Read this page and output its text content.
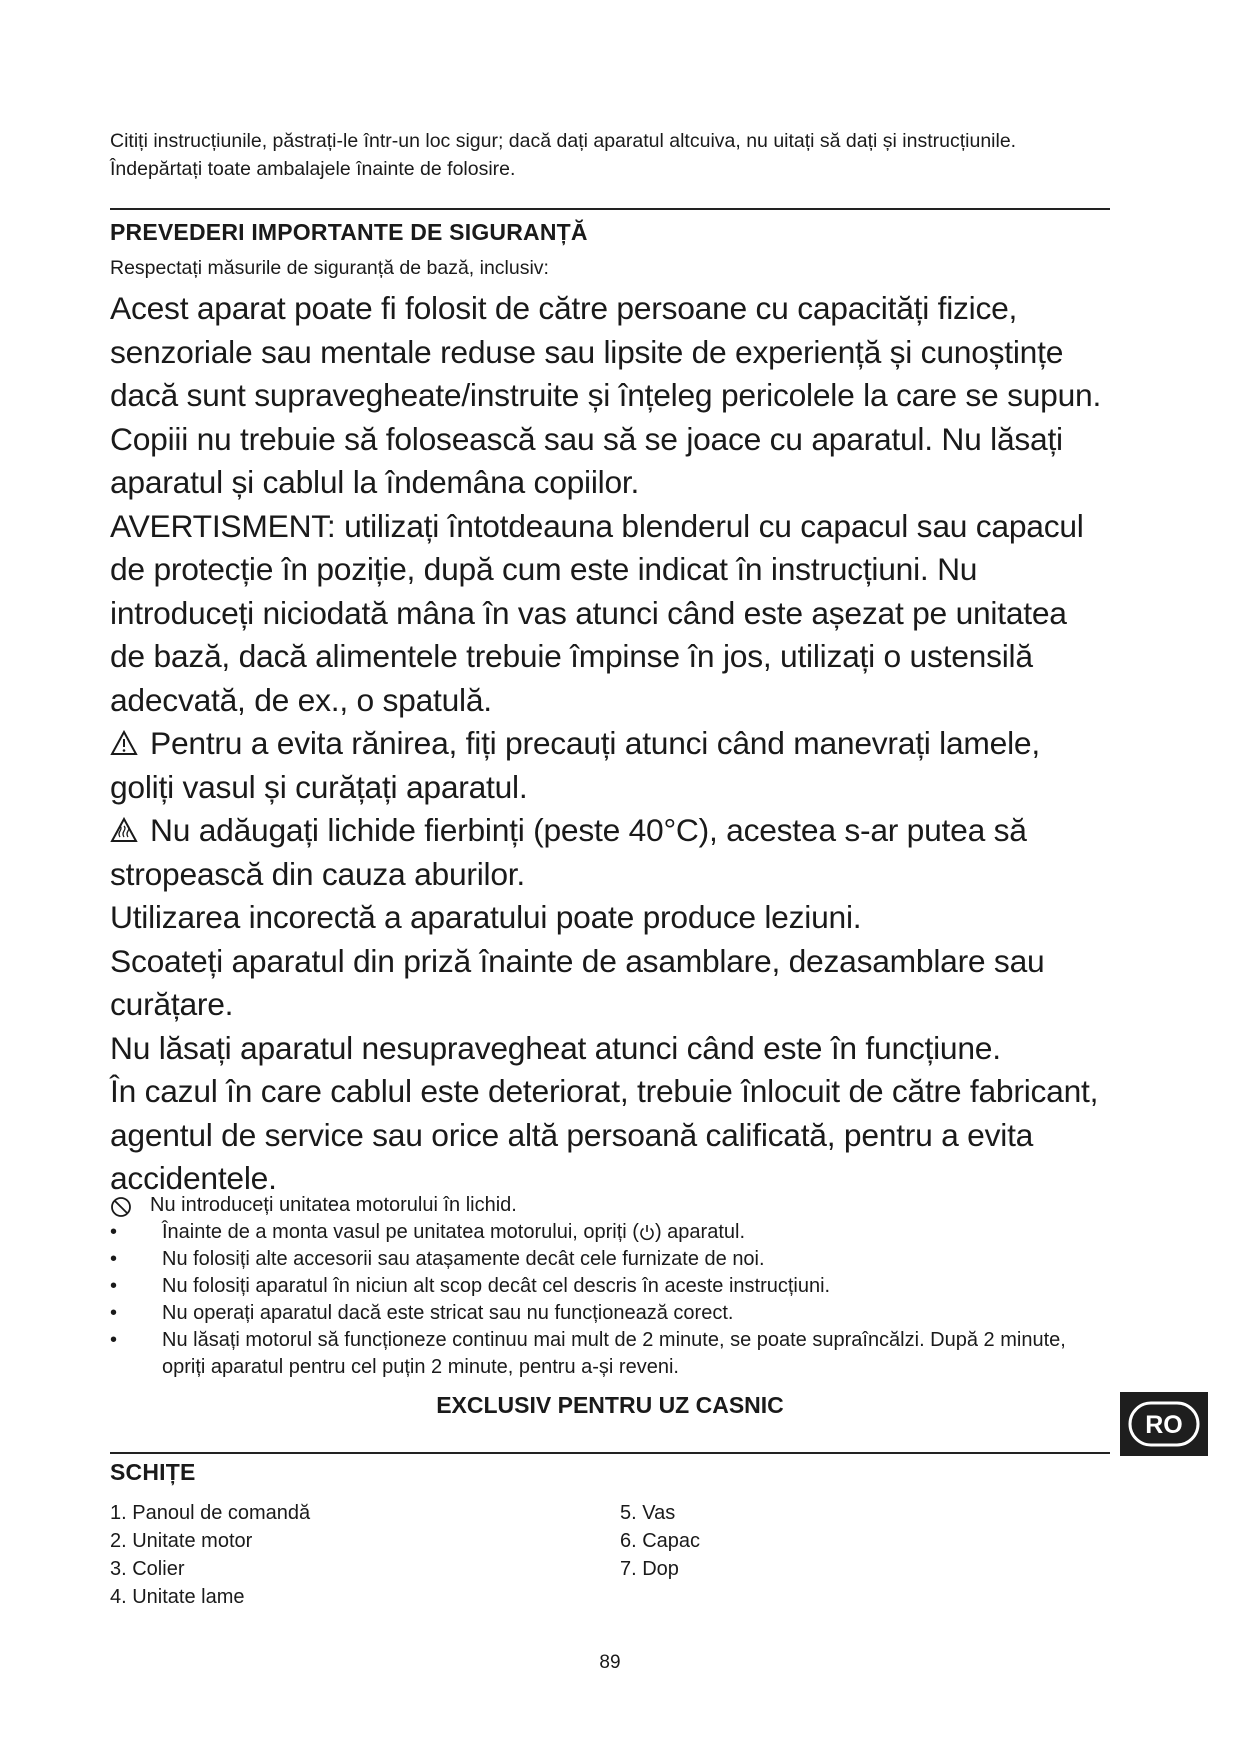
Citiți instrucțiunile, păstrați-le într-un loc sigur; dacă dați aparatul altcuiva, nu uitați să dați și instrucțiunile.

Îndepărtați toate ambalajele înainte de folosire.

PREVEDERI IMPORTANTE DE SIGURANȚĂ
Respectați măsurile de siguranță de bază, inclusiv:

Acest aparat poate fi folosit de către persoane cu capacități fizice, senzoriale sau mentale reduse sau lipsite de experiență și cunoștințe dacă sunt supravegheate/instruite și înțeleg pericolele la care se supun. Copiii nu trebuie să folosească sau să se joace cu aparatul. Nu lăsați aparatul și cablul la îndemâna copiilor.

AVERTISMENT: utilizați întotdeauna blenderul cu capacul sau capacul de protecție în poziție, după cum este indicat în instrucțiuni. Nu introduceți niciodată mâna în vas atunci când este așezat pe unitatea de bază, dacă alimentele trebuie împinse în jos, utilizați o ustensilă adecvată, de ex., o spatulă.

Pentru a evita rănirea, fiți precauți atunci când manevrați lamele, goliți vasul și curățați aparatul.

Nu adăugați lichide fierbinți (peste 40°C), acestea s-ar putea să stropească din cauza aburilor.

Utilizarea incorectă a aparatului poate produce leziuni.

Scoateți aparatul din priză înainte de asamblare, dezasamblare sau curățare.

Nu lăsați aparatul nesupravegheat atunci când este în funcțiune.

În cazul în care cablul este deteriorat, trebuie înlocuit de către fabricant, agentul de service sau orice altă persoană calificată, pentru a evita accidentele.

Nu introduceți unitatea motorului în lichid.
• Înainte de a monta vasul pe unitatea motorului, opriți ( ) aparatul.
• Nu folosiți alte accesorii sau atașamente decât cele furnizate de noi.
• Nu folosiți aparatul în niciun alt scop decât cel descris în aceste instrucțiuni.
• Nu operați aparatul dacă este stricat sau nu funcționează corect.
• Nu lăsați motorul să funcționeze continuu mai mult de 2 minute, se poate supraîncălzi. După 2 minute, opriți aparatul pentru cel puțin 2 minute, pentru a-și reveni.
EXCLUSIV PENTRU UZ CASNIC
SCHIȚE
1. Panoul de comandă
2. Unitate motor
3. Colier
4. Unitate lame
5. Vas
6. Capac
7. Dop
89
RO
